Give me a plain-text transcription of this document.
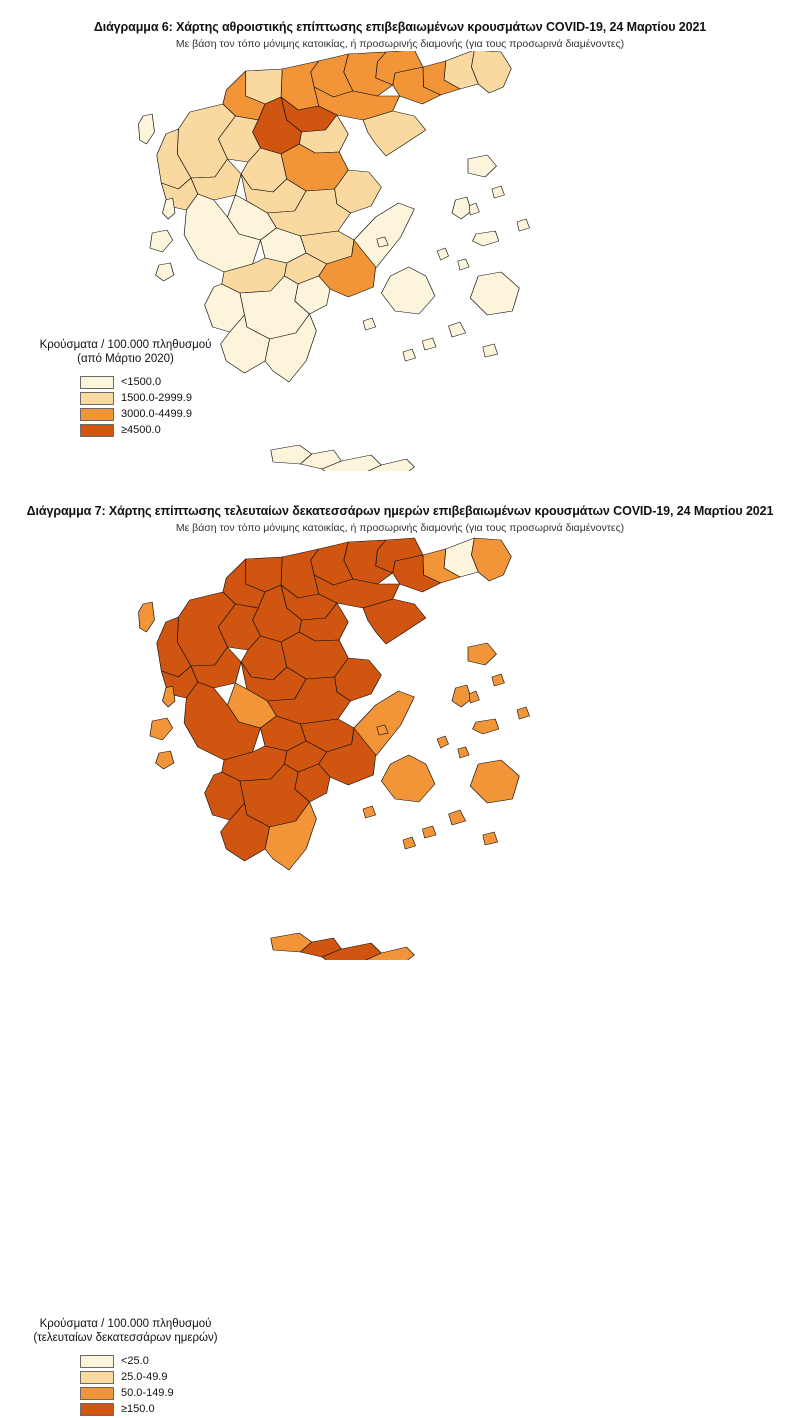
Διάγραμμα 6: Χάρτης αθροιστικής επίπτωσης επιβεβαιωμένων κρουσμάτων COVID-19, 24 Μαρτίου 2021
Με βάση τον τόπο μόνιμης κατοικίας, ή προσωρινής διαμονής (για τους προσωρινά διαμένοντες)
Κρούσματα / 100.000 πληθυσμού
(από Μάρτιο 2020)
<1500.0
1500.0-2999.9
3000.0-4499.9
≥4500.0
Διάγραμμα 7: Χάρτης επίπτωσης τελευταίων δεκατεσσάρων ημερών επιβεβαιωμένων κρουσμάτων COVID-19, 24 Μαρτίου 2021
Με βάση τον τόπο μόνιμης κατοικίας, ή προσωρινής διαμονής (για τους προσωρινά διαμένοντες)
Κρούσματα / 100.000 πληθυσμού
(τελευταίων δεκατεσσάρων ημερών)
<25.0
25.0-49.9
50.0-149.9
≥150.0
